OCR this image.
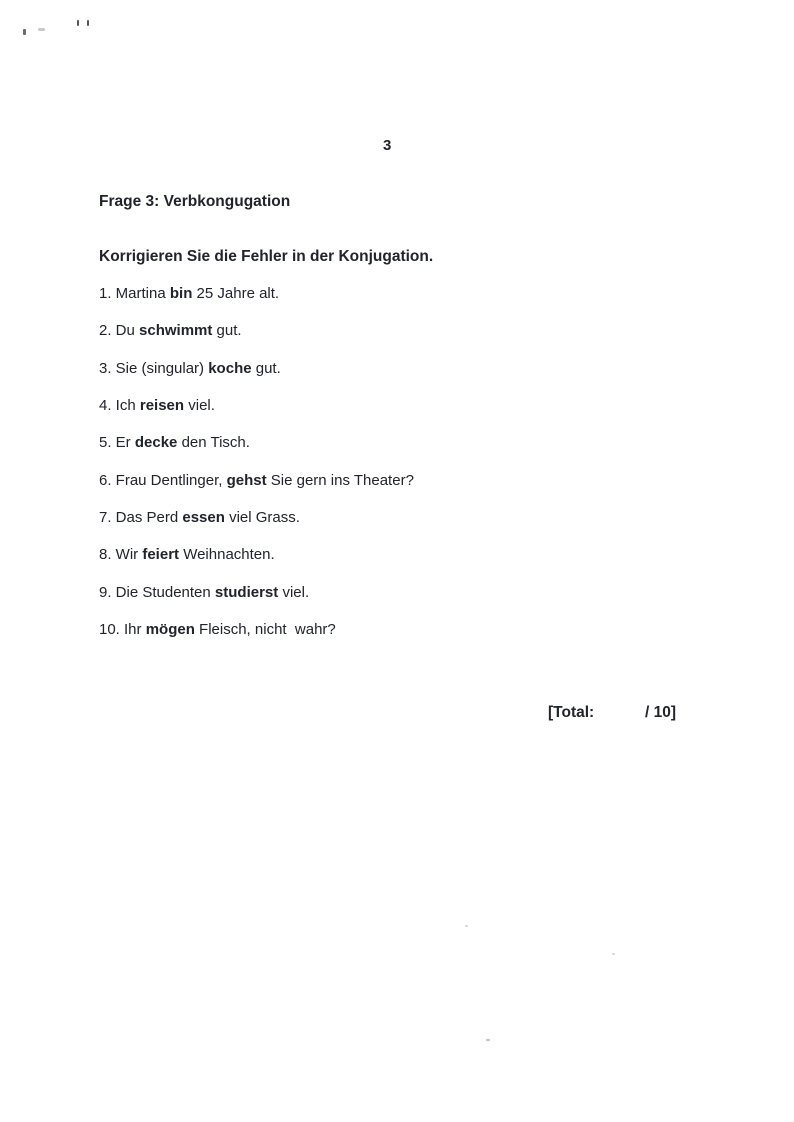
3
Frage 3: Verbkongugation

Korrigieren Sie die Fehler in der Konjugation.

1. Martina bin 25 Jahre alt.
2. Du schwimmt gut.
3. Sie (singular) koche gut.
4. Ich reisen viel.
5. Er decke den Tisch.
6. Frau Dentlinger, gehst Sie gern ins Theater?
7. Das Perd essen viel Grass.
8. Wir feiert Weihnachten.
9. Die Studenten studierst viel.
10. Ihr mögen Fleisch, nicht  wahr?
[Total:	/ 10]
